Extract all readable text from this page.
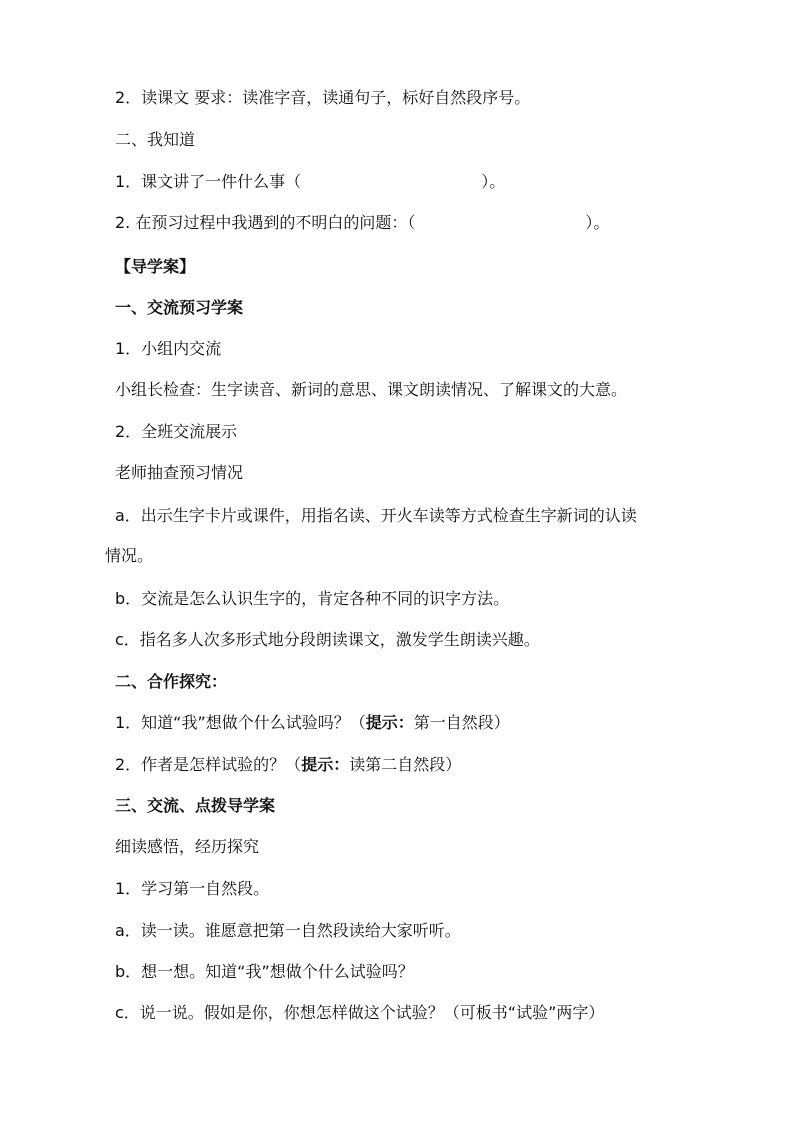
2．读课文 要求：读准字音，读通句子，标好自然段序号。
二、我知道
1．课文讲了一件什么事（	）。
2. 在预习过程中我遇到的不明白的问题：（	）。
【导学案】
一、交流预习学案
1．小组内交流
小组长检查：生字读音、新词的意思、课文朗读情况、了解课文的大意。
2．全班交流展示
老师抽查预习情况
a．出示生字卡片或课件，用指名读、开火车读等方式检查生字新词的认读
情况。
b．交流是怎么认识生字的，肯定各种不同的识字方法。
c．指名多人次多形式地分段朗读课文，激发学生朗读兴趣。
二、合作探究：
1．知道“我”想做个什么试验吗？（提示：第一自然段）
2．作者是怎样试验的？（提示：读第二自然段）
三、交流、点拨导学案
细读感悟，经历探究
1．学习第一自然段。
a．读一读。谁愿意把第一自然段读给大家听听。
b．想一想。知道“我”想做个什么试验吗？
c．说一说。假如是你，你想怎样做这个试验？（可板书“试验”两字）
